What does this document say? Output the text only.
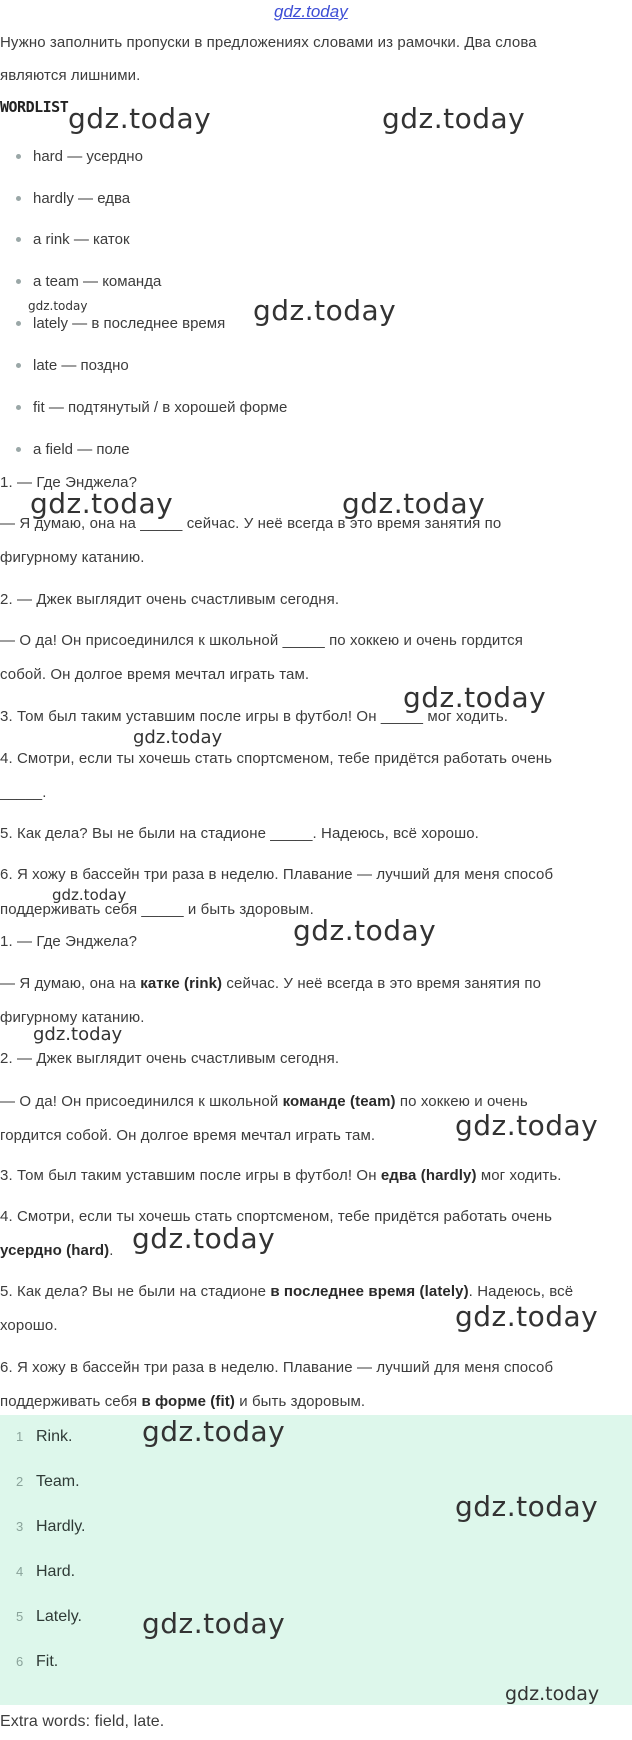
gdz.today
Нужно заполнить пропуски в предложениях словами из рамочки. Два слова
являются лишними.
WORDLIST
hard — усердно
hardly — едва
a rink — каток
a team — команда
lately — в последнее время
late — поздно
fit — подтянутый / в хорошей форме
a field — поле
1. — Где Энджела?
— Я думаю, она на _____ сейчас. У неё всегда в это время занятия по
фигурному катанию.
2. — Джек выглядит очень счастливым сегодня.
— О да! Он присоединился к школьной _____ по хоккею и очень гордится
собой. Он долгое время мечтал играть там.
3. Том был таким уставшим после игры в футбол! Он _____ мог ходить.
4. Смотри, если ты хочешь стать спортсменом, тебе придётся работать очень
_____.
5. Как дела? Вы не были на стадионе _____. Надеюсь, всё хорошо.
6. Я хожу в бассейн три раза в неделю. Плавание — лучший для меня способ
поддерживать себя _____ и быть здоровым.
1. — Где Энджела?
— Я думаю, она на катке (rink) сейчас. У неё всегда в это время занятия по
фигурному катанию.
2. — Джек выглядит очень счастливым сегодня.
— О да! Он присоединился к школьной команде (team) по хоккею и очень
гордится собой. Он долгое время мечтал играть там.
3. Том был таким уставшим после игры в футбол! Он едва (hardly) мог ходить.
4. Смотри, если ты хочешь стать спортсменом, тебе придётся работать очень
усердно (hard).
5. Как дела? Вы не были на стадионе в последнее время (lately). Надеюсь, всё
хорошо.
6. Я хожу в бассейн три раза в неделю. Плавание — лучший для меня способ
поддерживать себя в форме (fit) и быть здоровым.
1 Rink.
2 Team.
3 Hardly.
4 Hard.
5 Lately.
6 Fit.
Extra words: field, late.
gdz.today	gdz.today
gdz.today	gdz.today
gdz.today	gdz.today
gdz.today
gdz.today
gdz.today
gdz.today
gdz.today
gdz.today
gdz.today
gdz.today
gdz.today
gdz.today
gdz.today
gdz.today
